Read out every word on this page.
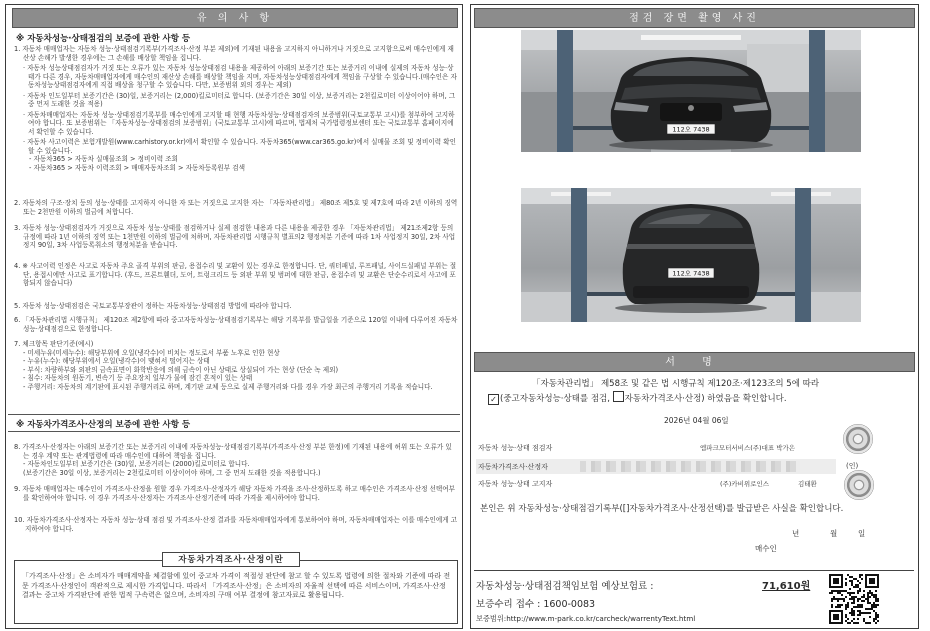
유 의 사 항
※ 자동차성능·상태점검의 보증에 관한 사항 등
1. 자동차 매매업자는 자동차 성능·상태점검기록부(가격조사·산정 부분 제외)에 기재된 내용을 고지하지 아니하거나 거짓으로 고지함으로써 매수인에게 재산상 손해가 발생한 경우에는 그 손해를 배상할 책임을 집니다.
· 자동차 성능상태점검자가 거짓 또는 오류가 있는 자동차 성능상태점검 내용을 제공하여 아래의 보증기간 또는 보증거리 이내에 실제의 자동차 성능·상태가 다른 경우, 자동차매매업자에게 매수인의 재산상 손해를 배상할 책임을 지며, 자동차성능상태점검자에게 책임을 구상할 수 있습니다.(매수인은 자동차성능상태점검자에게 직접 배상을 청구할 수 있습니다. 다만, 보증범위 외의 경우는 제외)
· 자동차 인도일부터 보증기간은 (30)일, 보증거리는 (2,000)킬로미터로 합니다. (보증기간은 30일 이상, 보증거리는 2천킬로미터 이상이어야 하며, 그 중 먼저 도래한 것을 적용)
· 자동차매매업자는 자동차 성능·상태점검기록부를 매수인에게 고지할 때 현행 자동차성능·상태점검자의 보증범위(국토교통부 고시)를 첨부하여 고지하여야 합니다. 또 보증범위는 「자동차성능·상태점검의 보증범위」(국토교통부 고시)에 따르며, 법제처 국가법령정보센터 또는 국토교통부 홈페이지에서 확인할 수 있습니다.
· 자동차 사고이력은 보험개발원(www.carhistory.or.kr)에서 확인할 수 있습니다. 자동차365(www.car365.go.kr)에서 실매물 조회 및 정비이력 확인할 수 있습니다.
- 자동차365 > 자동차 실매물조회 > 정비이력 조회
- 자동차365 > 자동차 이력조회 > 매매자동차조회 > 자동차등록원부 검색
2. 자동차의 구조·장치 등의 성능·상태를 고지하지 아니한 자 또는 거짓으로 고지한 자는 「자동차관리법」 제80조 제5호 및 제7호에 따라 2년 이하의 징역 또는 2천만원 이하의 벌금에 처합니다.
3. 자동차 성능·상태점검자가 거짓으로 자동차 성능·상태를 점검하거나 실제 점검한 내용과 다른 내용을 제공한 경우 「자동차관리법」 제21조제2항 등의 규정에 따라 1년 이하의 징역 또는 1천만원 이하의 벌금에 처하며, 자동차관리법 시행규칙 별표의2 행정처분 기준에 따라 1차 사업정지 30일, 2차 사업정지 90일, 3차 사업등록취소의 행정처분을 받습니다.
4. ※ 사고이력 인정은 사고로 자동차 주요 골격 부위의 판금, 용접수리 및 교환이 있는 경우로 한정합니다. 단, 쿼터패널, 루프패널, 사이드실패널 부위는 절단, 용접시에만 사고로 표기합니다. (후드, 프론트휀더, 도어, 트렁크리드 등 외판 부위 및 범퍼에 대한 판금, 용접수리 및 교환은 단순수리로서 사고에 포함되지 않습니다)
5. 자동차 성능·상태점검은 국토교통부장관이 정하는 자동차성능·상태점검 방법에 따라야 합니다.
6. 「자동차관리법 시행규칙」 제120조 제2항에 따라 중고자동차성능·상태점검기록부는 해당 기록부를 발급일을 기준으로 120일 이내에 다루어진 자동차 성능·상태점검으로 한정합니다.
7. 체크항목 판단기준(예시)
- 미세누유(미세누수): 해당부위에 오일(냉각수)이 비치는 정도로서 부품 노후로 인한 현상
- 누유(누수): 해당부위에서 오일(냉각수)이 맺혀서 떨어지는 상태
- 부식: 차량하부와 외판의 금속표면이 화학반응에 의해 금속이 아닌 상태로 상실되어 가는 현상 (단순 녹 제외)
- 침수: 자동차의 원동기, 변속기 등 주요장치 일부가 물에 잠긴 흔적이 있는 상태
- 주행거리: 자동차의 계기판에 표시된 주행거리로 하며, 계기판 교체 등으로 실제 주행거리와 다를 경우 가장 최근의 주행거리 기록을 적습니다.
※ 자동차가격조사·산정의 보증에 관한 사항 등
8. 가격조사·산정자는 아래의 보증기간 또는 보증거리 이내에 자동차성능·상태점검기록부(가격조사·산정 부분 한정)에 기재된 내용에 허위 또는 오류가 있는 경우 계약 또는 관계법령에 따라 매수인에 대하여 책임을 집니다.
- 자동차인도일부터 보증기간은 (30)일, 보증거리는 (2000)킬로미터로 합니다.
(보증기간은 30일 이상, 보증거리는 2천킬로미터 이상이어야 하며, 그 중 먼저 도래한 것을 적용합니다.)
9. 자동차 매매업자는 매수인이 가격조사·산정을 원할 경우 가격조사·산정자가 해당 자동차 가격을 조사·산정하도록 하고 매수인은 가격조사·산정 선택여부를 확인하여야 합니다. 이 경우 가격조사·산정자는 가격조사·산정기준에 따라 가격을 제시하여야 합니다.
10. 자동차가격조사·산정자는 자동차 성능·상태 점검 및 가격조사·산정 결과를 자동차매매업자에게 통보하여야 하며, 자동차매매업자는 이를 매수인에게 고지하여야 합니다.
자동차가격조사·산정이란
「가격조사·산정」은 소비자가 매매계약을 체결함에 있어 중고차 가격이 적절성 판단에 참고 할 수 있도록 법령에 의한 절차와 기준에 따라 전문 가격조사·산정인이 객관적으로 제시한 가격입니다. 따라서 「가격조사·산정」은 소비자의 자율적 선택에 따른 서비스이며, 가격조사·산정 결과는 중고차 가격판단에 관한 법적 구속력은 없으며, 소비자의 구매 여부 결정에 참고자료로 활용됩니다.
점검 장면 촬영 사진
112오 7438
112오 7438
서 명
「자동차관리법」 제58조 및 같은 법 시행규칙 제120조·제123조의 5에 따라
✓ (중고자동차성능·상태를 점검, 자동차가격조사·산정) 하였음을 확인합니다.
2026년 04월 06일
자동차 성능·상태 점검자	엠파크모터서비스(주)대표 박가은
자동차가격조사·산정자	(인)
자동차 성능·상태 고지자	(주)카비위로인스	김태환
본인은 위 자동차성능·상태점검기록부([]자동차가격조사·산정선택)를 발급받은 사실을 확인합니다.
년	월	일
매수인
자동차성능·상태점검책임보험 예상보험료 :	71,610원
보증수리 접수 : 1600-0083
보증범위:http://www.m-park.co.kr/carcheck/warrentyText.html
